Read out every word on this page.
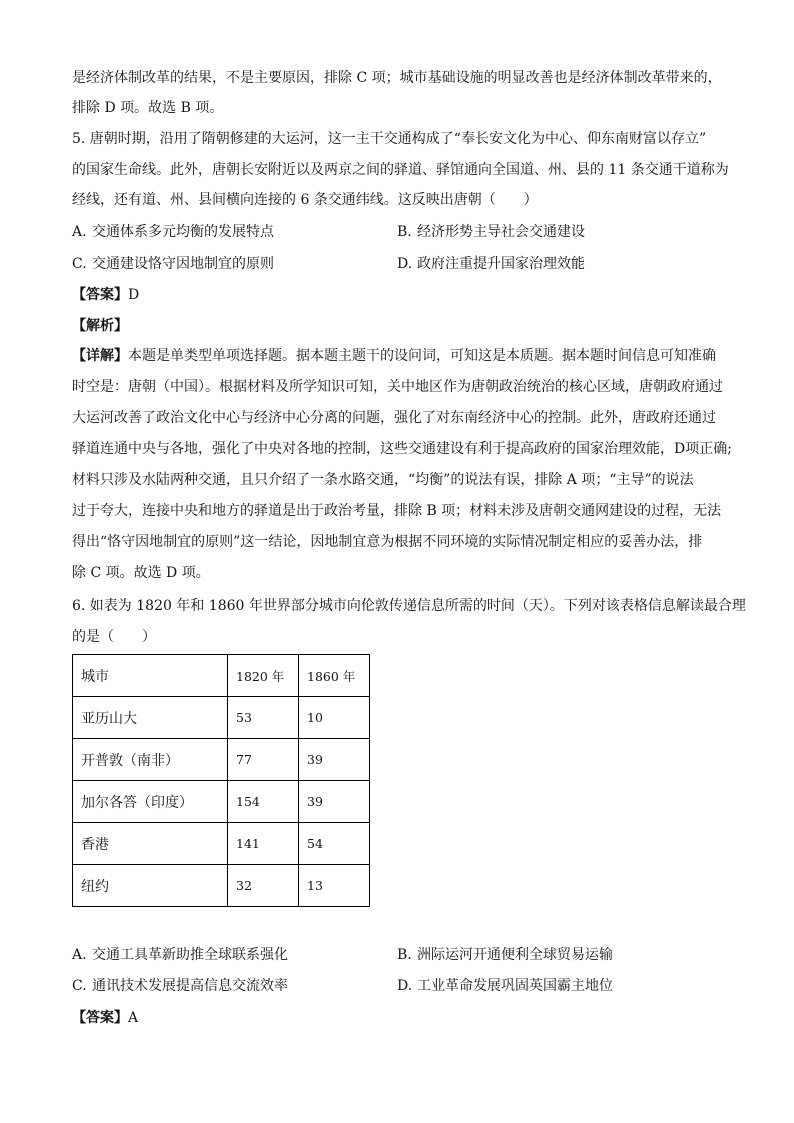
是经济体制改革的结果，不是主要原因，排除 C 项；城市基础设施的明显改善也是经济体制改革带来的，
排除 D 项。故选 B 项。
5. 唐朝时期，沿用了隋朝修建的大运河，这一主干交通构成了“奉长安文化为中心、仰东南财富以存立”
的国家生命线。此外，唐朝长安附近以及两京之间的驿道、驿馆通向全国道、州、县的 11 条交通干道称为
经线，还有道、州、县间横向连接的 6 条交通纬线。这反映出唐朝（　　）
A. 交通体系多元均衡的发展特点	B. 经济形势主导社会交通建设
C. 交通建设恪守因地制宜的原则	D. 政府注重提升国家治理效能
【答案】D
【解析】
【详解】本题是单类型单项选择题。据本题主题干的设问词，可知这是本质题。据本题时间信息可知准确
时空是：唐朝（中国）。根据材料及所学知识可知，关中地区作为唐朝政治统治的核心区域，唐朝政府通过
大运河改善了政治文化中心与经济中心分离的问题，强化了对东南经济中心的控制。此外，唐政府还通过
驿道连通中央与各地，强化了中央对各地的控制，这些交通建设有利于提高政府的国家治理效能，D项正确;
材料只涉及水陆两种交通，且只介绍了一条水路交通，“均衡”的说法有误，排除 A 项；“主导”的说法
过于夸大，连接中央和地方的驿道是出于政治考量，排除 B 项；材料未涉及唐朝交通网建设的过程，无法
得出“恪守因地制宜的原则”这一结论，因地制宜意为根据不同环境的实际情况制定相应的妥善办法，排
除 C 项。故选 D 项。
6. 如表为 1820 年和 1860 年世界部分城市向伦敦传递信息所需的时间（天）。下列对该表格信息解读最合理
的是（　　）
城市	1820 年	1860 年
亚历山大	53	10
开普敦（南非）	77	39
加尔各答（印度）	154	39
香港	141	54
纽约	32	13
A. 交通工具革新助推全球联系强化	B. 洲际运河开通便利全球贸易运输
C. 通讯技术发展提高信息交流效率	D. 工业革命发展巩固英国霸主地位
【答案】A
